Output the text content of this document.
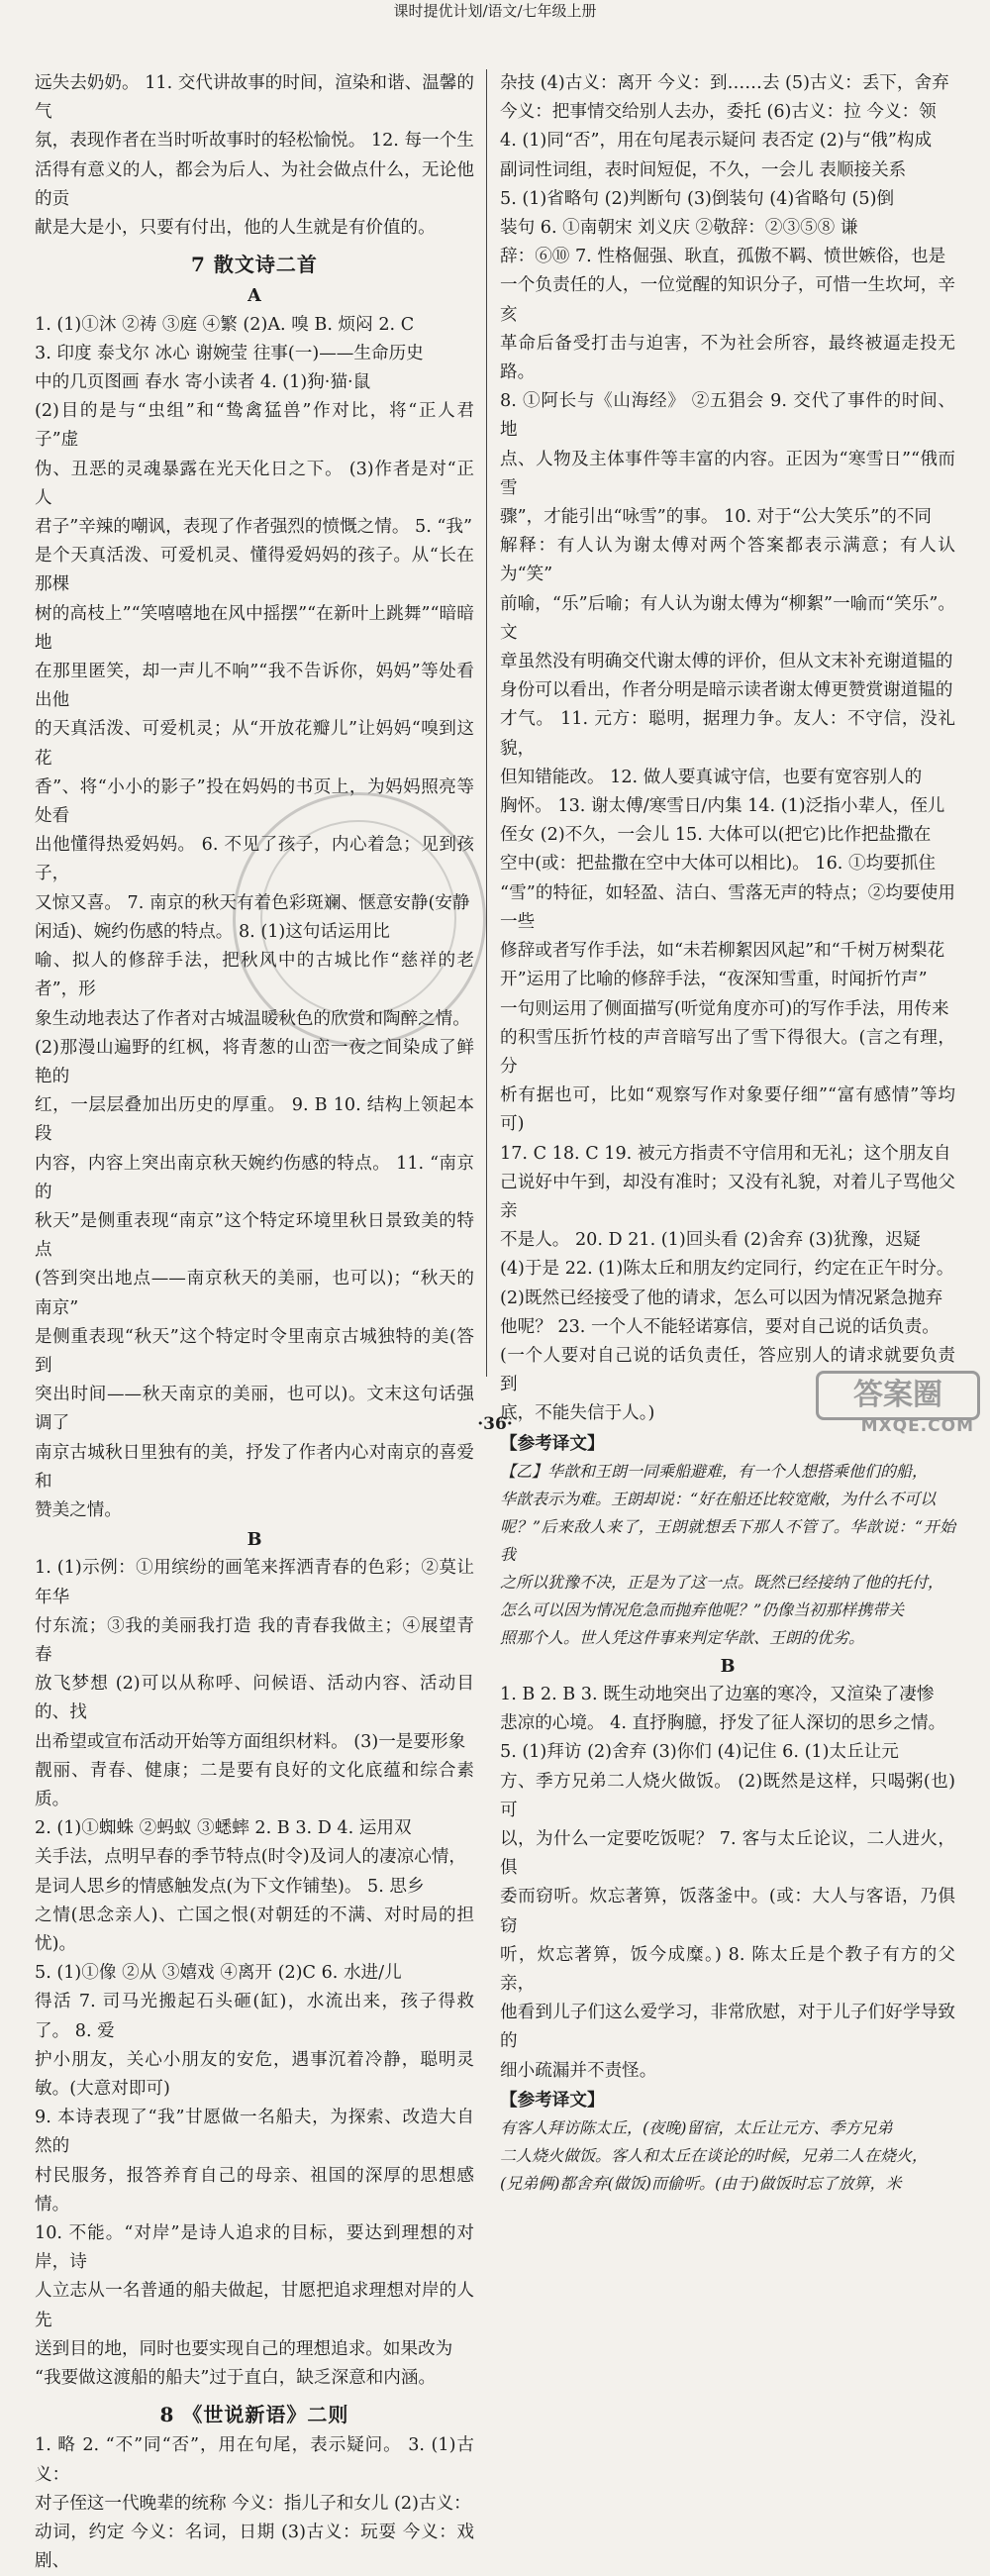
远失去奶奶。 11. 交代讲故事的时间，渲染和谐、温馨的气
氛，表现作者在当时听故事时的轻松愉悦。 12. 每一个生
活得有意义的人，都会为后人、为社会做点什么，无论他的贡
献是大是小，只要有付出，他的人生就是有价值的。
7 散文诗二首
A
1. (1)①沐 ②祷 ③庭 ④繁 (2)A. 嗅 B. 烦闷 2. C
3. 印度 泰戈尔 冰心 谢婉莹 往事(一)——生命历史
中的几页图画 春水 寄小读者 4. (1)狗·猫·鼠
(2)目的是与“虫组”和“鸷禽猛兽”作对比，将“正人君子”虚
伪、丑恶的灵魂暴露在光天化日之下。 (3)作者是对“正人
君子”辛辣的嘲讽，表现了作者强烈的愤慨之情。 5. “我”
是个天真活泼、可爱机灵、懂得爱妈妈的孩子。从“长在那棵
树的高枝上”“笑嘻嘻地在风中摇摆”“在新叶上跳舞”“暗暗地
在那里匿笑，却一声儿不响”“我不告诉你，妈妈”等处看出他
的天真活泼、可爱机灵；从“开放花瓣儿”让妈妈“嗅到这花
香”、将“小小的影子”投在妈妈的书页上，为妈妈照亮等处看
出他懂得热爱妈妈。 6. 不见了孩子，内心着急；见到孩子，
又惊又喜。 7. 南京的秋天有着色彩斑斓、惬意安静(安静
闲适)、婉约伤感的特点。 8. (1)这句话运用比
喻、拟人的修辞手法，把秋风中的古城比作“慈祥的老者”，形
象生动地表达了作者对古城温暖秋色的欣赏和陶醉之情。
(2)那漫山遍野的红枫，将青葱的山峦一夜之间染成了鲜艳的
红，一层层叠加出历史的厚重。 9. B 10. 结构上领起本段
内容，内容上突出南京秋天婉约伤感的特点。 11. “南京的
秋天”是侧重表现“南京”这个特定环境里秋日景致美的特点
(答到突出地点——南京秋天的美丽，也可以)；“秋天的南京”
是侧重表现“秋天”这个特定时令里南京古城独特的美(答到
突出时间——秋天南京的美丽，也可以)。文末这句话强调了
南京古城秋日里独有的美，抒发了作者内心对南京的喜爱和
赞美之情。
B
1. (1)示例：①用缤纷的画笔来挥洒青春的色彩；②莫让年华
付东流；③我的美丽我打造 我的青春我做主；④展望青春
放飞梦想 (2)可以从称呼、问候语、活动内容、活动目的、找
出希望或宣布活动开始等方面组织材料。 (3)一是要形象
靓丽、青春、健康；二是要有良好的文化底蕴和综合素质。
2. (1)①蜘蛛 ②蚂蚁 ③蟋蟀 2. B 3. D 4. 运用双
关手法，点明早春的季节特点(时令)及词人的凄凉心情，
是词人思乡的情感触发点(为下文作铺垫)。 5. 思乡
之情(思念亲人)、亡国之恨(对朝廷的不满、对时局的担忧)。
5. (1)①像 ②从 ③嬉戏 ④离开 (2)C 6. 水进/儿
得活 7. 司马光搬起石头砸(缸)，水流出来，孩子得救了。 8. 爱
护小朋友，关心小朋友的安危，遇事沉着冷静，聪明灵敏。(大意对即可)
9. 本诗表现了“我”甘愿做一名船夫，为探索、改造大自然的
村民服务，报答养育自己的母亲、祖国的深厚的思想感情。
10. 不能。“对岸”是诗人追求的目标，要达到理想的对岸，诗
人立志从一名普通的船夫做起，甘愿把追求理想对岸的人先
送到目的地，同时也要实现自己的理想追求。如果改为
“我要做这渡船的船夫”过于直白，缺乏深意和内涵。
8 《世说新语》二则
1. 略 2. “不”同“否”，用在句尾，表示疑问。 3. (1)古义：
对子侄这一代晚辈的统称 今义：指儿子和女儿 (2)古义：
动词，约定 今义：名词，日期 (3)古义：玩耍 今义：戏剧、
杂技 (4)古义：离开 今义：到……去 (5)古义：丢下，舍弃
今义：把事情交给别人去办，委托 (6)古义：拉 今义：领
4. (1)同“否”，用在句尾表示疑问 表否定 (2)与“俄”构成
副词性词组，表时间短促，不久，一会儿 表顺接关系
5. (1)省略句 (2)判断句 (3)倒装句 (4)省略句 (5)倒
装句 6. ①南朝宋 刘义庆 ②敬辞：②③⑤⑧ 谦
辞：⑥⑩ 7. 性格倔强、耿直，孤傲不羁、愤世嫉俗，也是
一个负责任的人，一位觉醒的知识分子，可惜一生坎坷，辛亥
革命后备受打击与迫害，不为社会所容，最终被逼走投无路。
8. ①阿长与《山海经》 ②五猖会 9. 交代了事件的时间、地
点、人物及主体事件等丰富的内容。正因为“寒雪日”“俄而雪
骤”，才能引出“咏雪”的事。 10. 对于“公大笑乐”的不同
解释：有人认为谢太傅对两个答案都表示满意；有人认为“笑”
前喻，“乐”后喻；有人认为谢太傅为“柳絮”一喻而“笑乐”。文
章虽然没有明确交代谢太傅的评价，但从文末补充谢道韫的
身份可以看出，作者分明是暗示读者谢太傅更赞赏谢道韫的
才气。 11. 元方：聪明，据理力争。友人：不守信，没礼貌，
但知错能改。 12. 做人要真诚守信，也要有宽容别人的
胸怀。 13. 谢太傅/寒雪日/内集 14. (1)泛指小辈人，侄儿
侄女 (2)不久，一会儿 15. 大体可以(把它)比作把盐撒在
空中(或：把盐撒在空中大体可以相比)。 16. ①均要抓住
“雪”的特征，如轻盈、洁白、雪落无声的特点；②均要使用一些
修辞或者写作手法，如“未若柳絮因风起”和“千树万树梨花
开”运用了比喻的修辞手法，“夜深知雪重，时闻折竹声”
一句则运用了侧面描写(听觉角度亦可)的写作手法，用传来
的积雪压折竹枝的声音暗写出了雪下得很大。(言之有理，分
析有据也可，比如“观察写作对象要仔细”“富有感情”等均可)
17. C 18. C 19. 被元方指责不守信用和无礼；这个朋友自
己说好中午到，却没有准时；又没有礼貌，对着儿子骂他父亲
不是人。 20. D 21. (1)回头看 (2)舍弃 (3)犹豫，迟疑
(4)于是 22. (1)陈太丘和朋友约定同行，约定在正午时分。
(2)既然已经接受了他的请求，怎么可以因为情况紧急抛弃
他呢？ 23. 一个人不能轻诺寡信，要对自己说的话负责。
(一个人要对自己说的话负责任，答应别人的请求就要负责到
底，不能失信于人。)
【参考译文】
【乙】华歆和王朗一同乘船避难，有一个人想搭乘他们的船，
华歆表示为难。王朗却说：“好在船还比较宽敞，为什么不可以
呢？”后来敌人来了，王朗就想丢下那人不管了。华歆说：“开始我
之所以犹豫不决，正是为了这一点。既然已经接纳了他的托付，
怎么可以因为情况危急而抛弃他呢？”仍像当初那样携带关
照那个人。世人凭这件事来判定华歆、王朗的优劣。
B
1. B 2. B 3. 既生动地突出了边塞的寒冷，又渲染了凄惨
悲凉的心境。 4. 直抒胸臆，抒发了征人深切的思乡之情。
5. (1)拜访 (2)舍弃 (3)你们 (4)记住 6. (1)太丘让元
方、季方兄弟二人烧火做饭。 (2)既然是这样，只喝粥(也)可
以，为什么一定要吃饭呢？ 7. 客与太丘论议，二人进火，俱
委而窃听。炊忘著箅，饭落釜中。(或：大人与客语，乃俱窃
听，炊忘著箅，饭今成糜。) 8. 陈太丘是个教子有方的父亲，
他看到儿子们这么爱学习，非常欣慰，对于儿子们好学导致的
细小疏漏并不责怪。
【参考译文】
有客人拜访陈太丘，(夜晚)留宿，太丘让元方、季方兄弟
二人烧火做饭。客人和太丘在谈论的时候，兄弟二人在烧火，
(兄弟俩)都舍弃(做饭)而偷听。(由于)做饭时忘了放箅，米
课时提优计划/语文/七年级上册
·36·
答案圈
MXQE.COM
